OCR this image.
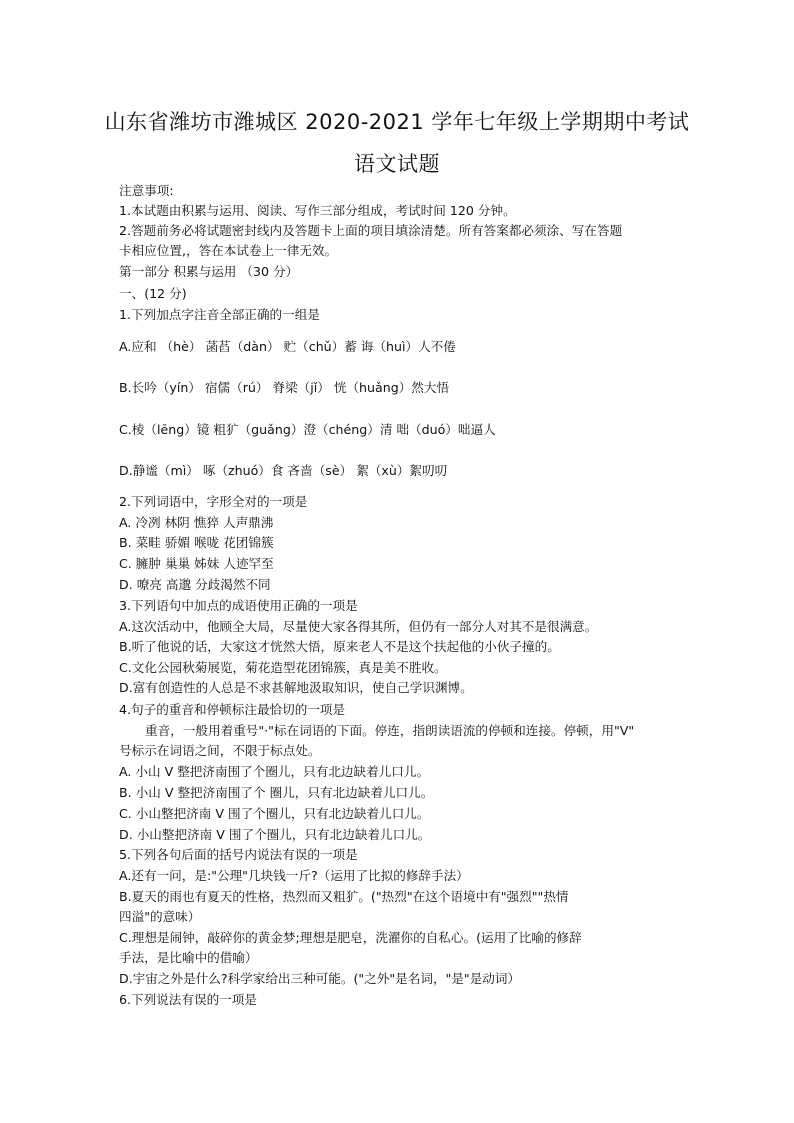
山东省潍坊市潍城区 2020-2021 学年七年级上学期期中考试
语文试题
注意事项:
1.本试题由积累与运用、阅读、写作三部分组成，考试时间 120 分钟。
2.答题前务必将试题密封线内及答题卡上面的项目填涂清楚。所有答案都必须涂、写在答题
卡相应位置,，答在本试卷上一律无效。
第一部分 积累与运用 （30 分）
一、(12 分)
1.下列加点字注音全部正确的一组是
A.应和 （hè） 菡萏（dàn） 贮（chǔ）蓄 诲（huì）人不倦
B.长吟（yín） 宿儒（rú） 脊梁（jǐ） 恍（huǎng）然大悟
C.棱（lēng）镜 粗犷（guǎng）澄（chéng）清 咄（duó）咄逼人
D.静谧（mì） 啄（zhuó）食 吝啬（sè） 絮（xù）絮叨叨
2.下列词语中，字形全对的一项是
A. 冷冽 林阴 憔猝 人声鼎沸
B. 菜畦 骄媚 喉咙 花团锦簇
C. 臃肿 巢巢 姊妹 人迹罕至
D. 嘹亮 高邈 分歧渴然不同
3.下列语句中加点的成语使用正确的一项是
A.这次活动中，他顾全大局，尽量使大家各得其所，但仍有一部分人对其不是很满意。
B.听了他说的话，大家这才恍然大悟，原来老人不是这个扶起他的小伙子撞的。
C.文化公园秋菊展览，菊花造型花团锦簇，真是美不胜收。
D.富有创造性的人总是不求甚解地汲取知识，使自己学识渊博。
4.句子的重音和停顿标注最恰切的一项是
重音，一般用着重号"·"标在词语的下面。停连，指朗读语流的停顿和连接。停顿，用"V"
号标示在词语之间，不限于标点处。
A. 小山 V 整把济南围了个圈儿，只有北边缺着儿口儿。
B. 小山 V 整把济南围了个 圈儿，只有北边缺着儿口儿。
C. 小山整把济南 V 围了个圈儿，只有北边缺着儿口儿。
D. 小山整把济南 V 围了个圈儿，只有北边缺着儿口儿。
5.下列各句后面的括号内说法有误的一项是
A.还有一问，是:"公理"几块钱一斤?（运用了比拟的修辞手法）
B.夏天的雨也有夏天的性格，热烈而又粗犷。("热烈"在这个语境中有"强烈""热情
四溢"的意味）
C.理想是闹钟，敲碎你的黄金梦;理想是肥皂，洗濯你的自私心。(运用了比喻的修辞
手法，是比喻中的借喻）
D.宇宙之外是什么?科学家给出三种可能。("之外"是名词，"是"是动词）
6.下列说法有误的一项是
